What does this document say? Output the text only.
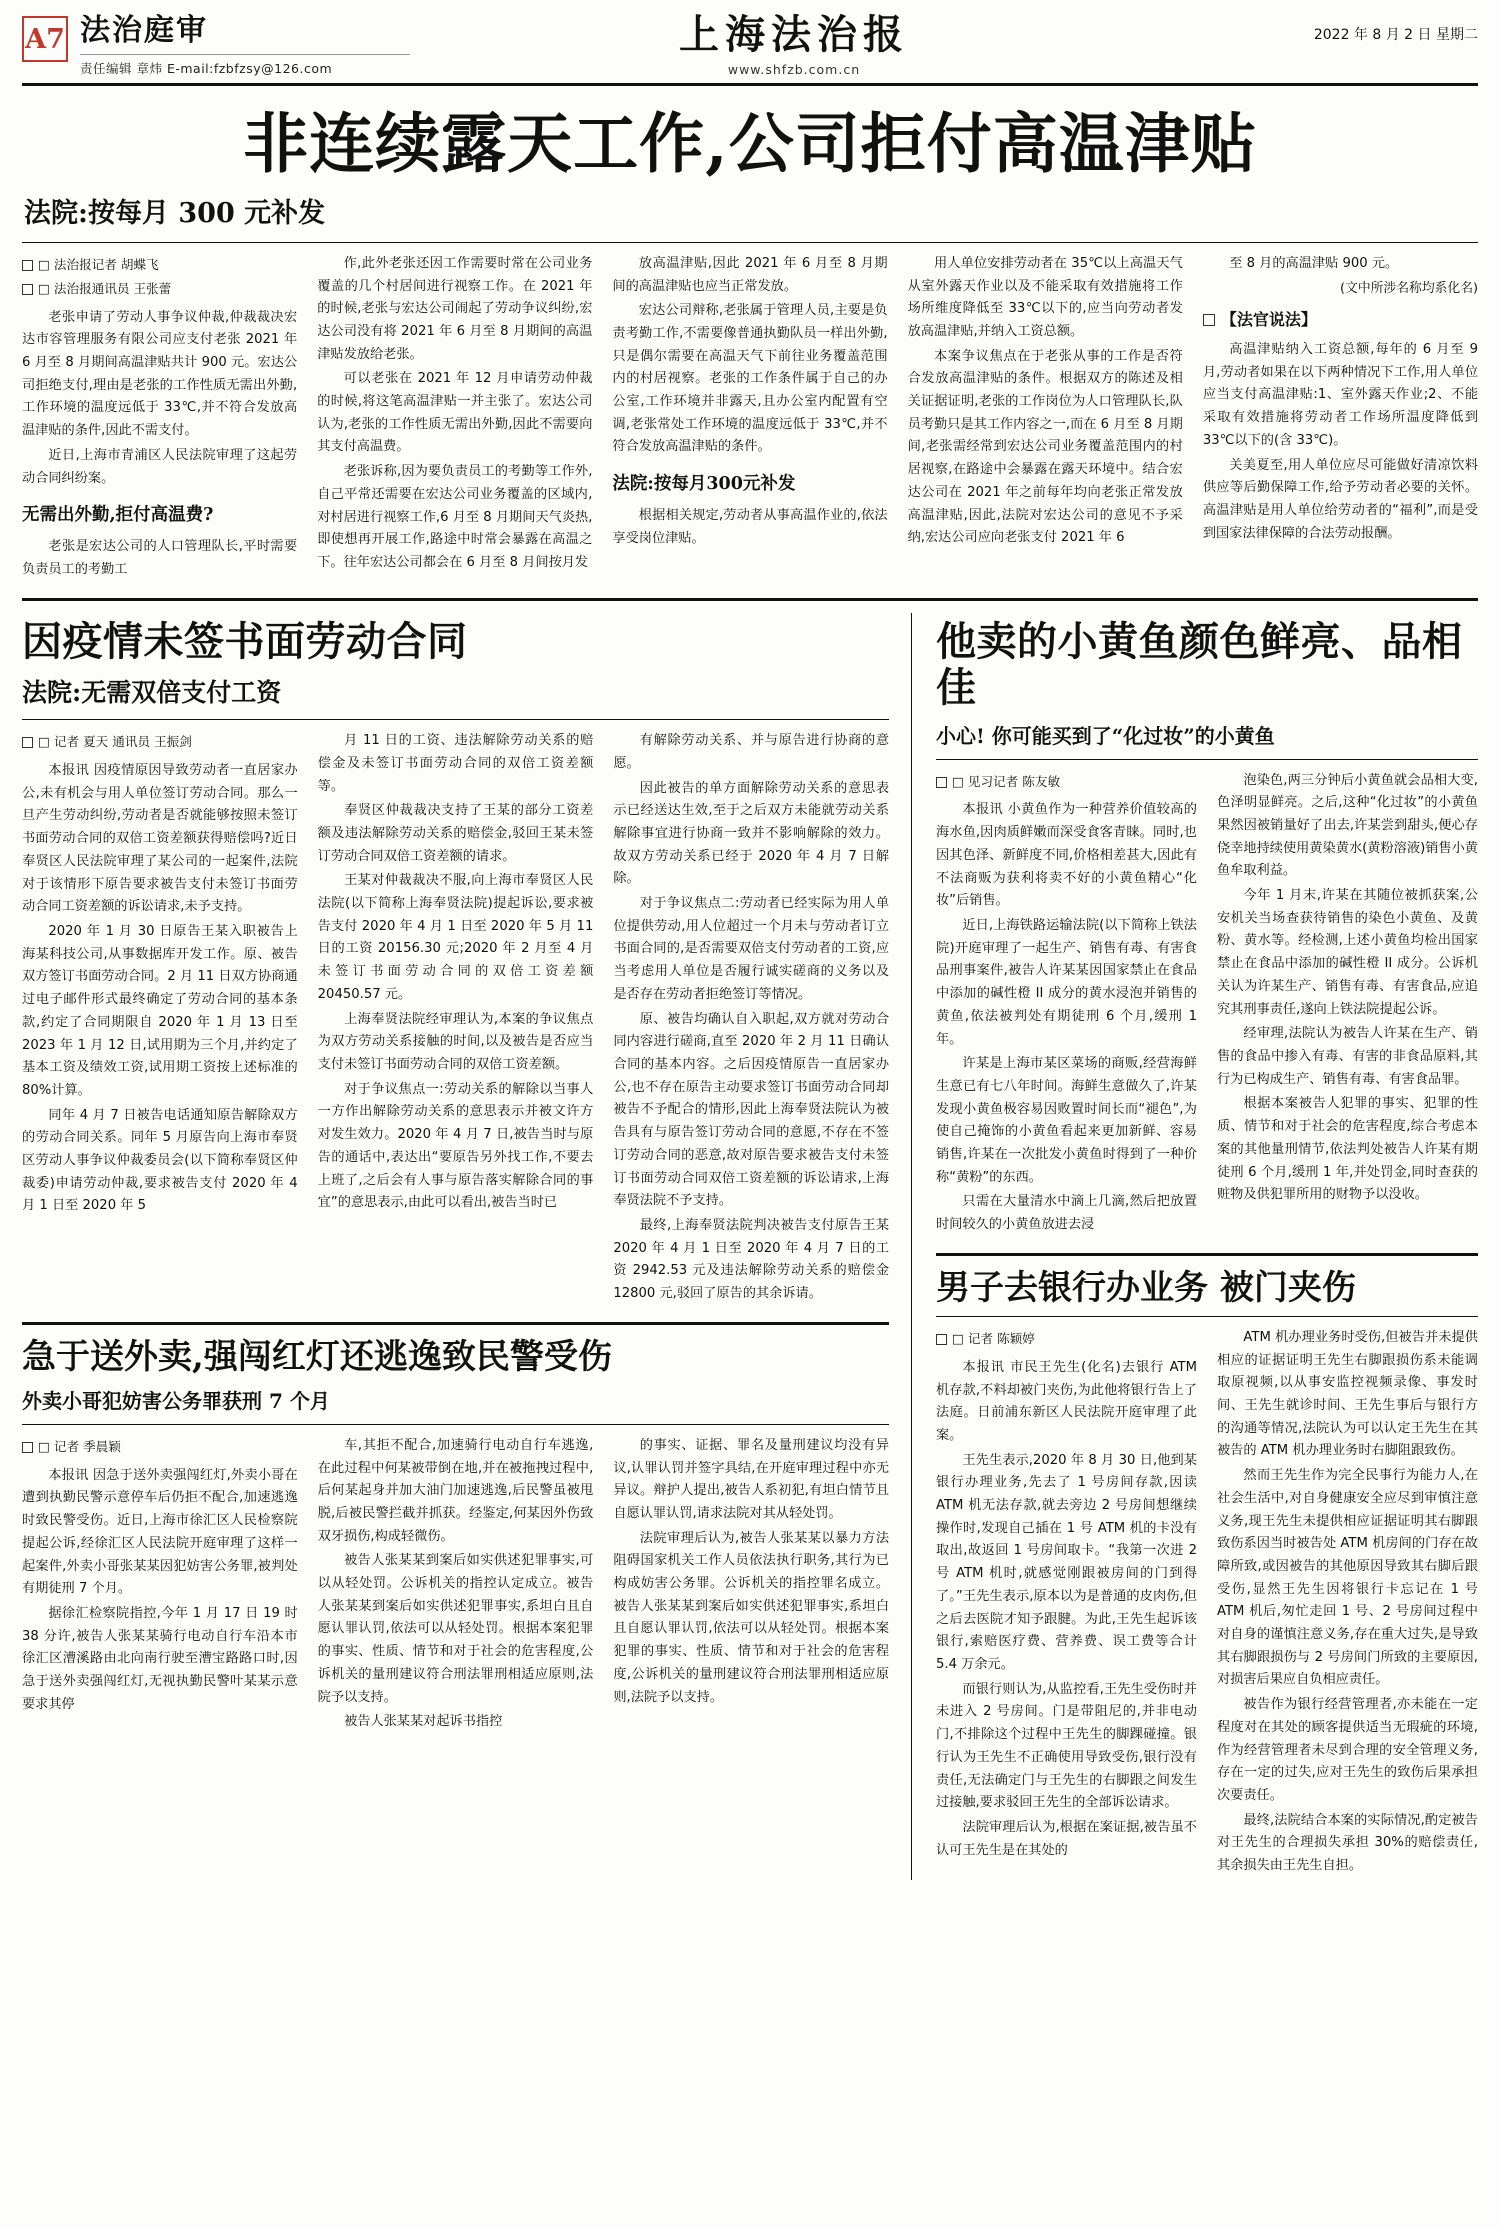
A7 法治庭审
责任编辑 章炜 E-mail:fzbfzsy@126.com
上海法治报
www.shfzb.com.cn
2022 年 8 月 2 日 星期二
非连续露天工作,公司拒付高温津贴
法院:按每月 300 元补发
□ 法治报记者 胡蝶飞
□ 法治报通讯员 王张蕾

老张申请了劳动人事争议仲裁,仲裁裁决宏达市容管理服务有限公司应支付老张 2021 年 6 月至 8 月期间高温津贴共计 900 元。宏达公司拒绝支付,理由是老张的工作性质无需出外勤,工作环境的温度远低于 33℃,并不符合发放高温津贴的条件,因此不需支付。

近日,上海市青浦区人民法院审理了这起劳动合同纠纷案。

无需出外勤,拒付高温费?

老张是宏达公司的人口管理队长,平时需要负责员工的考勤工

作,此外老张还因工作需要时常在公司业务覆盖的几个村居间进行视察工作。在 2021 年的时候,老张与宏达公司闹起了劳动争议纠纷,宏达公司没有将 2021 年 6 月至 8 月期间的高温津贴发放给老张。

可以老张在 2021 年 12 月申请劳动仲裁的时候,将这笔高温津贴一并主张了。宏达公司认为,老张的工作性质无需出外勤,因此不需要向其支付高温费。

老张诉称,因为要负责员工的考勤等工作外,自己平常还需要在宏达公司业务覆盖的区域内,对村居进行视察工作,6 月至 8 月期间天气炎热,即使想再开展工作,路途中时常会暴露在高温之下。往年宏达公司都会在 6 月至 8 月间按月发

放高温津贴,因此 2021 年 6 月至 8 月期间的高温津贴也应当正常发放。

宏达公司辩称,老张属于管理人员,主要是负责考勤工作,不需要像普通执勤队员一样出外勤,只是偶尔需要在高温天气下前往业务覆盖范围内的村居视察。老张的工作条件属于自己的办公室,工作环境并非露天,且办公室内配置有空调,老张常处工作环境的温度远低于 33℃,并不符合发放高温津贴的条件。

法院:按每月300元补发

根据相关规定,劳动者从事高温作业的,依法享受岗位津贴。

用人单位安排劳动者在 35℃以上高温天气从室外露天作业以及不能采取有效措施将工作场所维度降低至 33℃以下的,应当向劳动者发放高温津贴,并纳入工资总额。

本案争议焦点在于老张从事的工作是否符合发放高温津贴的条件。根据双方的陈述及相关证据证明,老张的工作岗位为人口管理队长,队员考勤只是其工作内容之一,而在 6 月至 8 月期间,老张需经常到宏达公司业务覆盖范围内的村居视察,在路途中会暴露在露天环境中。结合宏达公司在 2021 年之前每年均向老张正常发放高温津贴,因此,法院对宏达公司的意见不予采纳,宏达公司应向老张支付 2021 年 6

至 8 月的高温津贴 900 元。

(文中所涉名称均系化名)

【法官说法】

高温津贴纳入工资总额,每年的 6 月至 9 月,劳动者如果在以下两种情况下工作,用人单位应当支付高温津贴:1、室外露天作业;2、不能采取有效措施将劳动者工作场所温度降低到 33℃以下的(含 33℃)。

关美夏至,用人单位应尽可能做好清凉饮料供应等后勤保障工作,给予劳动者必要的关怀。高温津贴是用人单位给劳动者的“福利”,而是受到国家法律保障的合法劳动报酬。

因疫情未签书面劳动合同
法院:无需双倍支付工资
□ 记者 夏天 通讯员 王振剑

本报讯 因疫情原因导致劳动者一直居家办公,未有机会与用人单位签订劳动合同。那么一旦产生劳动纠纷,劳动者是否就能够按照未签订书面劳动合同的双倍工资差额获得赔偿吗?近日奉贤区人民法院审理了某公司的一起案件,法院对于该情形下原告要求被告支付未签订书面劳动合同工资差额的诉讼请求,未予支持。

2020 年 1 月 30 日原告王某入职被告上海某科技公司,从事数据库开发工作。原、被告双方签订书面劳动合同。2 月 11 日双方协商通过电子邮件形式最终确定了劳动合同的基本条款,约定了合同期限自 2020 年 1 月 13 日至 2023 年 1 月 12 日,试用期为三个月,并约定了基本工资及绩效工资,试用期工资按上述标准的 80%计算。

同年 4 月 7 日被告电话通知原告解除双方的劳动合同关系。同年 5 月原告向上海市奉贤区劳动人事争议仲裁委员会(以下简称奉贤区仲裁委)申请劳动仲裁,要求被告支付 2020 年 4 月 1 日至 2020 年 5

月 11 日的工资、违法解除劳动关系的赔偿金及未签订书面劳动合同的双倍工资差额等。

奉贤区仲裁裁决支持了王某的部分工资差额及违法解除劳动关系的赔偿金,驳回王某未签订劳动合同双倍工资差额的请求。

王某对仲裁裁决不服,向上海市奉贤区人民法院(以下简称上海奉贤法院)提起诉讼,要求被告支付 2020 年 4 月 1 日至 2020 年 5 月 11 日的工资 20156.30 元;2020 年 2 月至 4 月未签订书面劳动合同的双倍工资差额 20450.57 元。

上海奉贤法院经审理认为,本案的争议焦点为双方劳动关系接触的时间,以及被告是否应当支付未签订书面劳动合同的双倍工资差额。

对于争议焦点一:劳动关系的解除以当事人一方作出解除劳动关系的意思表示并被文许方对发生效力。2020 年 4 月 7 日,被告当时与原告的通话中,表达出“要原告另外找工作,不要去上班了,之后会有人事与原告落实解除合同的事宜”的意思表示,由此可以看出,被告当时已

有解除劳动关系、并与原告进行协商的意愿。

因此被告的单方面解除劳动关系的意思表示已经送达生效,至于之后双方未能就劳动关系解除事宜进行协商一致并不影响解除的效力。故双方劳动关系已经于 2020 年 4 月 7 日解除。

对于争议焦点二:劳动者已经实际为用人单位提供劳动,用人位超过一个月未与劳动者订立书面合同的,是否需要双倍支付劳动者的工资,应当考虑用人单位是否履行诚实磋商的义务以及是否存在劳动者拒绝签订等情况。

原、被告均确认自入职起,双方就对劳动合同内容进行磋商,直至 2020 年 2 月 11 日确认合同的基本内容。之后因疫情原告一直居家办公,也不存在原告主动要求签订书面劳动合同却被告不予配合的情形,因此上海奉贤法院认为被告具有与原告签订劳动合同的意愿,不存在不签订劳动合同的恶意,故对原告要求被告支付未签订书面劳动合同双倍工资差额的诉讼请求,上海奉贤法院不予支持。

最终,上海奉贤法院判决被告支付原告王某 2020 年 4 月 1 日至 2020 年 4 月 7 日的工资 2942.53 元及违法解除劳动关系的赔偿金 12800 元,驳回了原告的其余诉请。

急于送外卖,强闯红灯还逃逸致民警受伤
外卖小哥犯妨害公务罪获刑 7 个月
□ 记者 季晨颖

本报讯 因急于送外卖强闯红灯,外卖小哥在遭到执勤民警示意停车后仍拒不配合,加速逃逸时致民警受伤。近日,上海市徐汇区人民检察院提起公诉,经徐汇区人民法院开庭审理了这样一起案件,外卖小哥张某某因犯妨害公务罪,被判处有期徒刑 7 个月。

据徐汇检察院指控,今年 1 月 17 日 19 时 38 分许,被告人张某某骑行电动自行车沿本市徐汇区漕溪路由北向南行驶至漕宝路路口时,因急于送外卖强闯红灯,无视执勤民警叶某某示意要求其停

车,其拒不配合,加速骑行电动自行车逃逸,在此过程中何某被带倒在地,并在被拖拽过程中,后何某起身并加大油门加速逃逸,后民警虽被甩脱,后被民警拦截并抓获。经鉴定,何某因外伤致双牙损伤,构成轻微伤。

被告人张某某到案后如实供述犯罪事实,可以从轻处罚。公诉机关的指控认定成立。被告人张某某到案后如实供述犯罪事实,系坦白且自愿认罪认罚,依法可以从轻处罚。根据本案犯罪的事实、性质、情节和对于社会的危害程度,公诉机关的量刑建议符合刑法罪刑相适应原则,法院予以支持。

被告人张某某对起诉书指控

的事实、证据、罪名及量刑建议均没有异议,认罪认罚并签字具结,在开庭审理过程中亦无异议。辩护人提出,被告人系初犯,有坦白情节且自愿认罪认罚,请求法院对其从轻处罚。

法院审理后认为,被告人张某某以暴力方法阻碍国家机关工作人员依法执行职务,其行为已构成妨害公务罪。公诉机关的指控罪名成立。被告人张某某到案后如实供述犯罪事实,系坦白且自愿认罪认罚,依法可以从轻处罚。根据本案犯罪的事实、性质、情节和对于社会的危害程度,公诉机关的量刑建议符合刑法罪刑相适应原则,法院予以支持。

他卖的小黄鱼颜色鲜亮、品相佳
小心! 你可能买到了“化过妆”的小黄鱼
□ 见习记者 陈友敏

本报讯 小黄鱼作为一种营养价值较高的海水鱼,因肉质鲜嫩而深受食客青睐。同时,也因其色泽、新鲜度不同,价格相差甚大,因此有不法商贩为获利将卖不好的小黄鱼精心“化妆”后销售。

近日,上海铁路运输法院(以下简称上铁法院)开庭审理了一起生产、销售有毒、有害食品刑事案件,被告人许某某因国家禁止在食品中添加的碱性橙 II 成分的黄水浸泡并销售的黄鱼,依法被判处有期徒刑 6 个月,缓刑 1 年。

许某是上海市某区菜场的商贩,经营海鲜生意已有七八年时间。海鲜生意做久了,许某发现小黄鱼极容易因败置时间长而“褪色”,为使自己掩饰的小黄鱼看起来更加新鲜、容易销售,许某在一次批发小黄鱼时得到了一种价称“黄粉”的东西。

只需在大量清水中滴上几滴,然后把放置时间较久的小黄鱼放进去浸

泡染色,两三分钟后小黄鱼就会品相大变,色泽明显鲜亮。之后,这种“化过妆”的小黄鱼果然因被销量好了出去,许某尝到甜头,便心存侥幸地持续使用黄染黄水(黄粉溶液)销售小黄鱼牟取利益。

今年 1 月末,许某在其随位被抓获案,公安机关当场查获待销售的染色小黄鱼、及黄粉、黄水等。经检测,上述小黄鱼均检出国家禁止在食品中添加的碱性橙 II 成分。公诉机关认为许某生产、销售有毒、有害食品,应追究其刑事责任,遂向上铁法院提起公诉。

经审理,法院认为被告人许某在生产、销售的食品中掺入有毒、有害的非食品原料,其行为已构成生产、销售有毒、有害食品罪。

根据本案被告人犯罪的事实、犯罪的性质、情节和对于社会的危害程度,综合考虑本案的其他量刑情节,依法判处被告人许某有期徒刑 6 个月,缓刑 1 年,并处罚金,同时查获的赃物及供犯罪所用的财物予以没收。

男子去银行办业务 被门夹伤
□ 记者 陈颖婷

本报讯 市民王先生(化名)去银行 ATM 机存款,不料却被门夹伤,为此他将银行告上了法庭。日前浦东新区人民法院开庭审理了此案。

王先生表示,2020 年 8 月 30 日,他到某银行办理业务,先去了 1 号房间存款,因读 ATM 机无法存款,就去旁边 2 号房间想继续操作时,发现自己插在 1 号 ATM 机的卡没有取出,故返回 1 号房间取卡。“我第一次进 2 号 ATM 机时,就感觉刚跟被房间的门到得了。”王先生表示,原本以为是普通的皮肉伤,但之后去医院才知予跟腱。为此,王先生起诉该银行,索赔医疗费、营养费、误工费等合计 5.4 万余元。

而银行则认为,从监控看,王先生受伤时并未进入 2 号房间。门是带阻尼的,并非电动门,不排除这个过程中王先生的脚踝碰撞。银行认为王先生不正确使用导致受伤,银行没有责任,无法确定门与王先生的右脚跟之间发生过接触,要求驳回王先生的全部诉讼请求。

法院审理后认为,根据在案证据,被告虽不认可王先生是在其处的

ATM 机办理业务时受伤,但被告并未提供相应的证据证明王先生右脚跟损伤系未能调取原视频,以从事安监控视频录像、事发时间、王先生就诊时间、王先生事后与银行方的沟通等情况,法院认为可以认定王先生在其被告的 ATM 机办理业务时右脚阻跟致伤。

然而王先生作为完全民事行为能力人,在社会生活中,对自身健康安全应尽到审慎注意义务,现王先生未提供相应证据证明其右脚跟致伤系因当时被告处 ATM 机房间的门存在故障所致,或因被告的其他原因导致其右脚后跟受伤,显然王先生因将银行卡忘记在 1 号 ATM 机后,匆忙走回 1 号、2 号房间过程中对自身的谨慎注意义务,存在重大过失,是导致其右脚跟损伤与 2 号房间门所致的主要原因,对损害后果应自负相应责任。

被告作为银行经营管理者,亦未能在一定程度对在其处的顾客提供适当无瑕疵的环境,作为经营管理者未尽到合理的安全管理义务,存在一定的过失,应对王先生的致伤后果承担次要责任。

最终,法院结合本案的实际情况,酌定被告对王先生的合理损失承担 30%的赔偿责任,其余损失由王先生自担。
